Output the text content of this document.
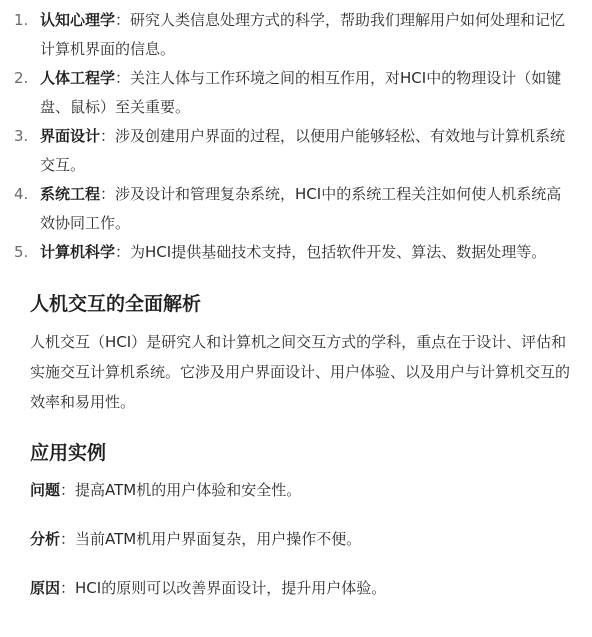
1. 认知心理学：研究人类信息处理方式的科学，帮助我们理解用户如何处理和记忆计算机界面的信息。
2. 人体工程学：关注人体与工作环境之间的相互作用，对HCI中的物理设计（如键盘、鼠标）至关重要。
3. 界面设计：涉及创建用户界面的过程，以便用户能够轻松、有效地与计算机系统交互。
4. 系统工程：涉及设计和管理复杂系统，HCI中的系统工程关注如何使人机系统高效协同工作。
5. 计算机科学：为HCI提供基础技术支持，包括软件开发、算法、数据处理等。
人机交互的全面解析

人机交互（HCI）是研究人和计算机之间交互方式的学科，重点在于设计、评估和实施交互计算机系统。它涉及用户界面设计、用户体验、以及用户与计算机交互的效率和易用性。

应用实例

问题：提高ATM机的用户体验和安全性。

分析：当前ATM机用户界面复杂，用户操作不便。

原因：HCI的原则可以改善界面设计，提升用户体验。
